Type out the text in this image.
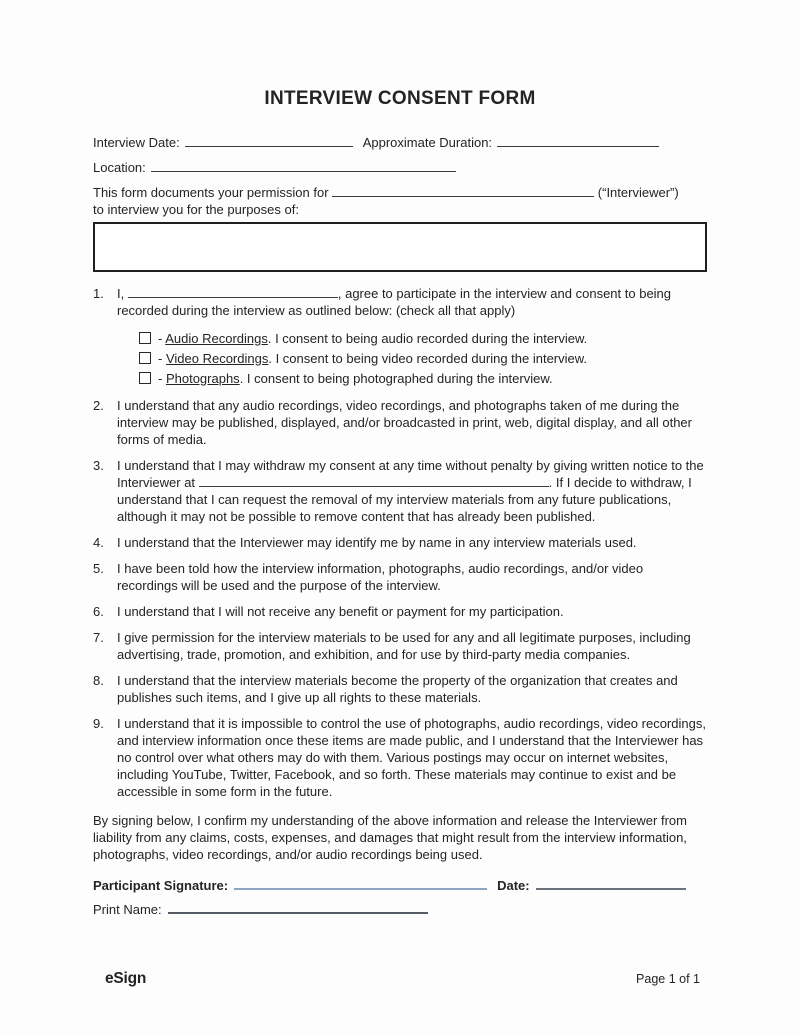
INTERVIEW CONSENT FORM
Interview Date:	Approximate Duration:
Location:
This form documents your permission for	(“Interviewer”)
to interview you for the purposes of:
1.	I,	, agree to participate in the interview and consent to being recorded during the interview as outlined below: (check all that apply)
- Audio Recordings. I consent to being audio recorded during the interview.
- Video Recordings. I consent to being video recorded during the interview.
- Photographs. I consent to being photographed during the interview.
2.	I understand that any audio recordings, video recordings, and photographs taken of me during the interview may be published, displayed, and/or broadcasted in print, web, digital display, and all other forms of media.
3.	I understand that I may withdraw my consent at any time without penalty by giving written notice to the Interviewer at	. If I decide to withdraw, I understand that I can request the removal of my interview materials from any future publications, although it may not be possible to remove content that has already been published.
4.	I understand that the Interviewer may identify me by name in any interview materials used.
5.	I have been told how the interview information, photographs, audio recordings, and/or video recordings will be used and the purpose of the interview.
6.	I understand that I will not receive any benefit or payment for my participation.
7.	I give permission for the interview materials to be used for any and all legitimate purposes, including advertising, trade, promotion, and exhibition, and for use by third-party media companies.
8.	I understand that the interview materials become the property of the organization that creates and publishes such items, and I give up all rights to these materials.
9.	I understand that it is impossible to control the use of photographs, audio recordings, video recordings, and interview information once these items are made public, and I understand that the Interviewer has no control over what others may do with them. Various postings may occur on internet websites, including YouTube, Twitter, Facebook, and so forth. These materials may continue to exist and be accessible in some form in the future.
By signing below, I confirm my understanding of the above information and release the Interviewer from liability from any claims, costs, expenses, and damages that might result from the interview information, photographs, video recordings, and/or audio recordings being used.
Participant Signature:	Date:
Print Name:
eSign	Page 1 of 1
